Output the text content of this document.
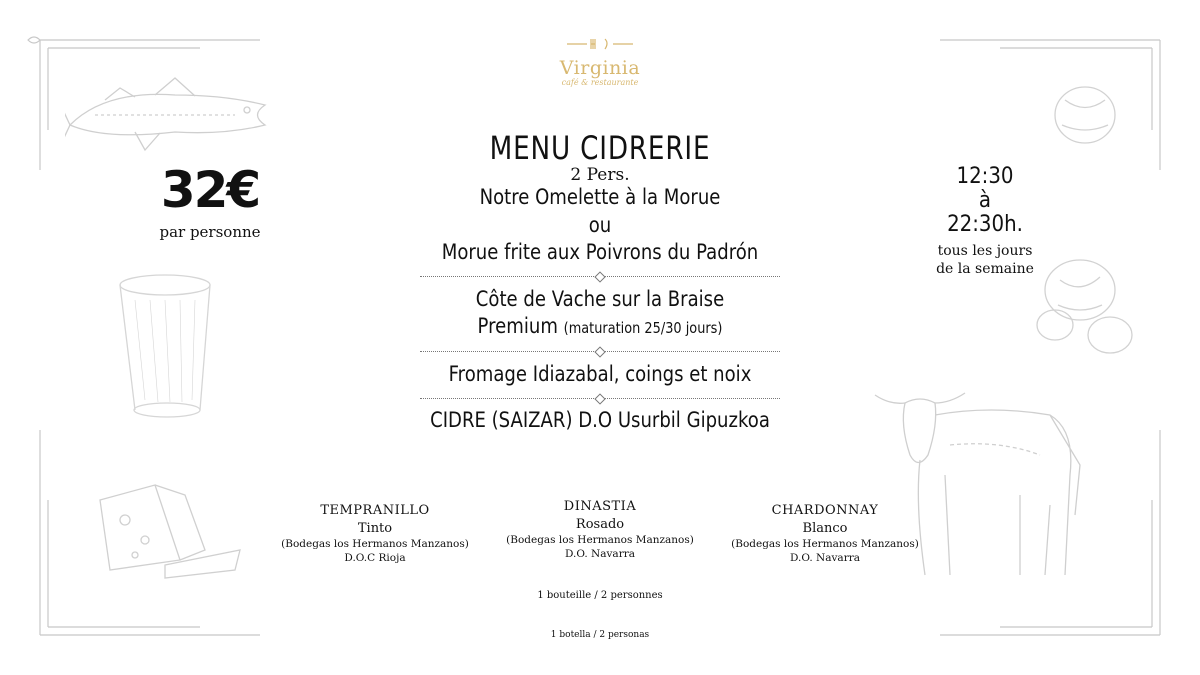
Virginia
café & restaurante
32€
par personne
12:30
à
22:30h.
tous les jours
de la semaine
MENU CIDRERIE
2 Pers.
Notre Omelette à la Morue
ou
Morue frite aux Poivrons du Padrón
Côte de Vache sur la Braise
Premium (maturation 25/30 jours)
Fromage Idiazabal, coings et noix
CIDRE (SAIZAR) D.O Usurbil Gipuzkoa
TEMPRANILLO
Tinto
(Bodegas los Hermanos Manzanos)
D.O.C Rioja
DINASTIA
Rosado
(Bodegas los Hermanos Manzanos)
D.O. Navarra
CHARDONNAY
Blanco
(Bodegas los Hermanos Manzanos)
D.O. Navarra
1 bouteille / 2 personnes
1 botella / 2 personas
